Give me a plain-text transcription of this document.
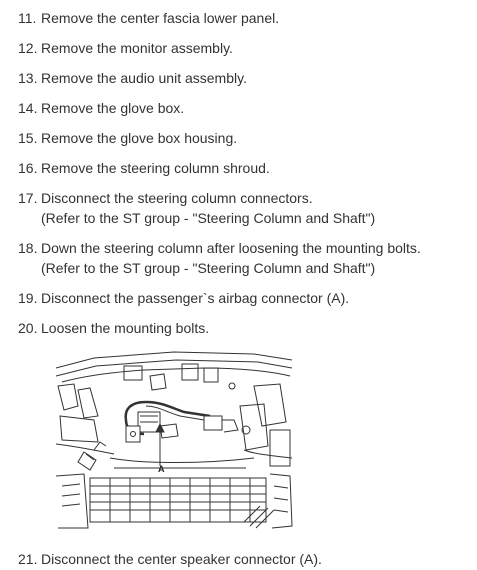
11. Remove the center fascia lower panel.
12. Remove the monitor assembly.
13. Remove the audio unit assembly.
14. Remove the glove box.
15. Remove the glove box housing.
16. Remove the steering column shroud.
17. Disconnect the steering column connectors.
(Refer to the ST group - "Steering Column and Shaft")
18. Down the steering column after loosening the mounting bolts.
(Refer to the ST group - "Steering Column and Shaft")
19. Disconnect the passenger`s airbag connector (A).
20. Loosen the mounting bolts.
21. Disconnect the center speaker connector (A).
A
